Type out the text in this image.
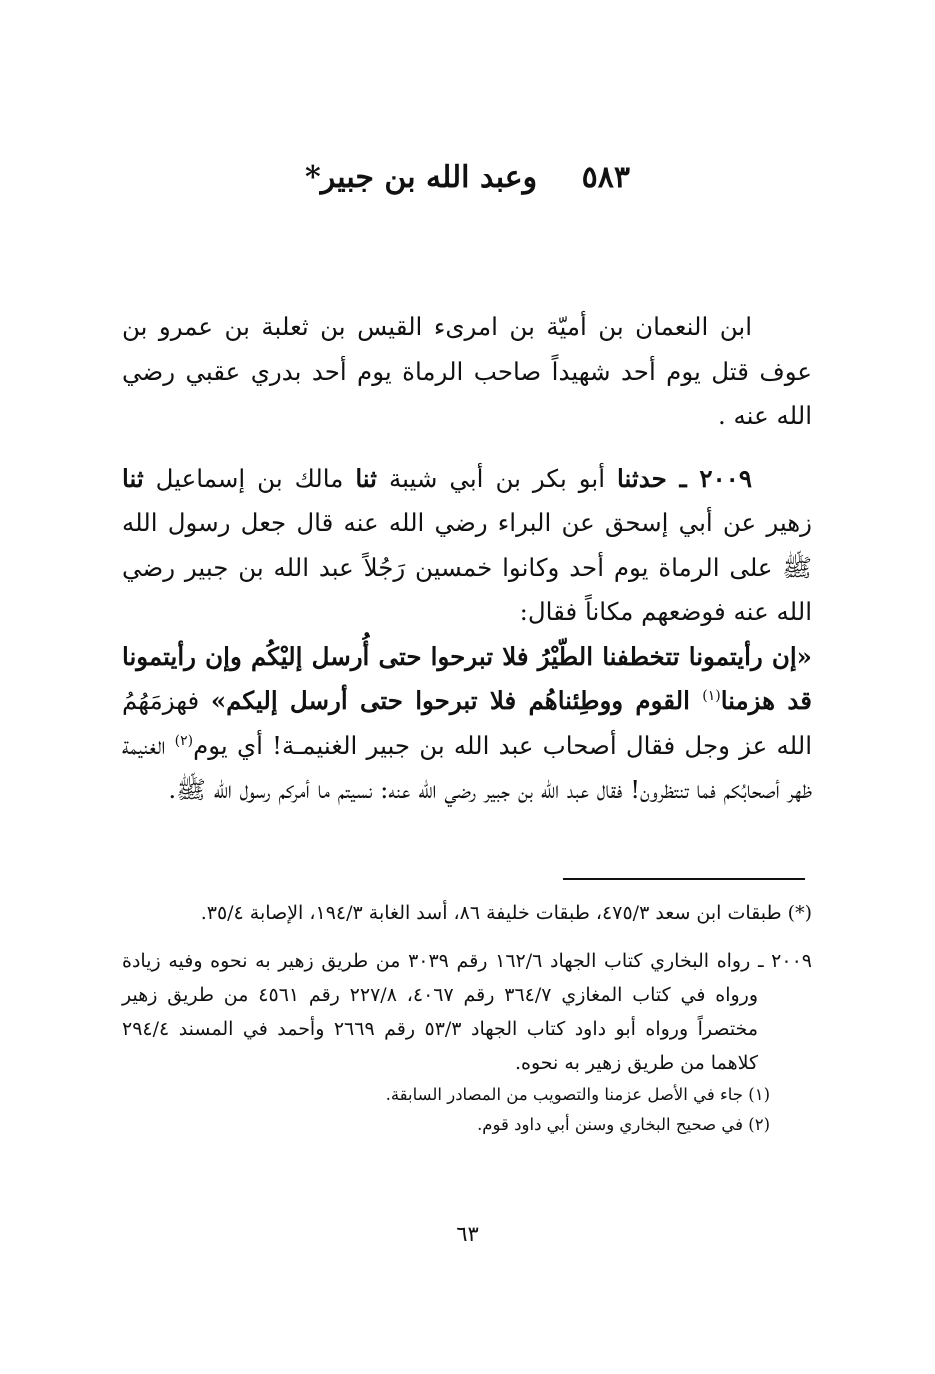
٥٨٣ وعبد الله بن جبير*

ابن النعمان بن أميّة بن امرىء القيس بن ثعلبة بن عمرو بن عوف قتل يوم أحد شهيداً صاحب الرماة يوم أحد بدري عقبي رضي الله عنه .

٢٠٠٩ ـ حدثنا أبو بكر بن أبي شيبة ثنا مالك بن إسماعيل ثنا زهير عن أبي إسحق عن البراء رضي الله عنه قال جعل رسول الله ﷺ على الرماة يوم أحد وكانوا خمسين رَجُلاً عبد الله بن جبير رضي الله عنه فوضعهم مكاناً فقال:

«إن رأيتمونا تتخطفنا الطّيْرُ فلا تبرحوا حتى أُرسل إليْكُم وإن رأيتمونا قد هزمنا$^{(١)}$ القوم ووطِئناهُم فلا تبرحوا حتى أرسل إليكم» فهزمَهُمُ الله عز وجل فقال أصحاب عبد الله بن جبير الغنيمـة! أي يوم$^{(٢)}$ الغنيمة ظهر أصحابُكم فما تنتظرون! فقال عبد الله بن جبير رضي الله عنه: نسيتم ما أمركم رسول الله ﷺ.

(*) طبقات ابن سعد ٤٧٥/٣، طبقات خليفة ٨٦، أسد الغابة ١٩٤/٣، الإصابة ٣٥/٤.

٢٠٠٩ ـ رواه البخاري كتاب الجهاد ١٦٢/٦ رقم ٣٠٣٩ من طريق زهير به نحوه وفيه زيادة ورواه في كتاب المغازي ٣٦٤/٧ رقم ٤٠٦٧، ٢٢٧/٨ رقم ٤٥٦١ من طريق زهير مختصراً ورواه أبو داود كتاب الجهاد ٥٣/٣ رقم ٢٦٦٩ وأحمد في المسند ٢٩٤/٤ كلاهما من طريق زهير به نحوه.

(١) جاء في الأصل عزمنا والتصويب من المصادر السابقة.

(٢) في صحيح البخاري وسنن أبي داود قوم.

٦٣
